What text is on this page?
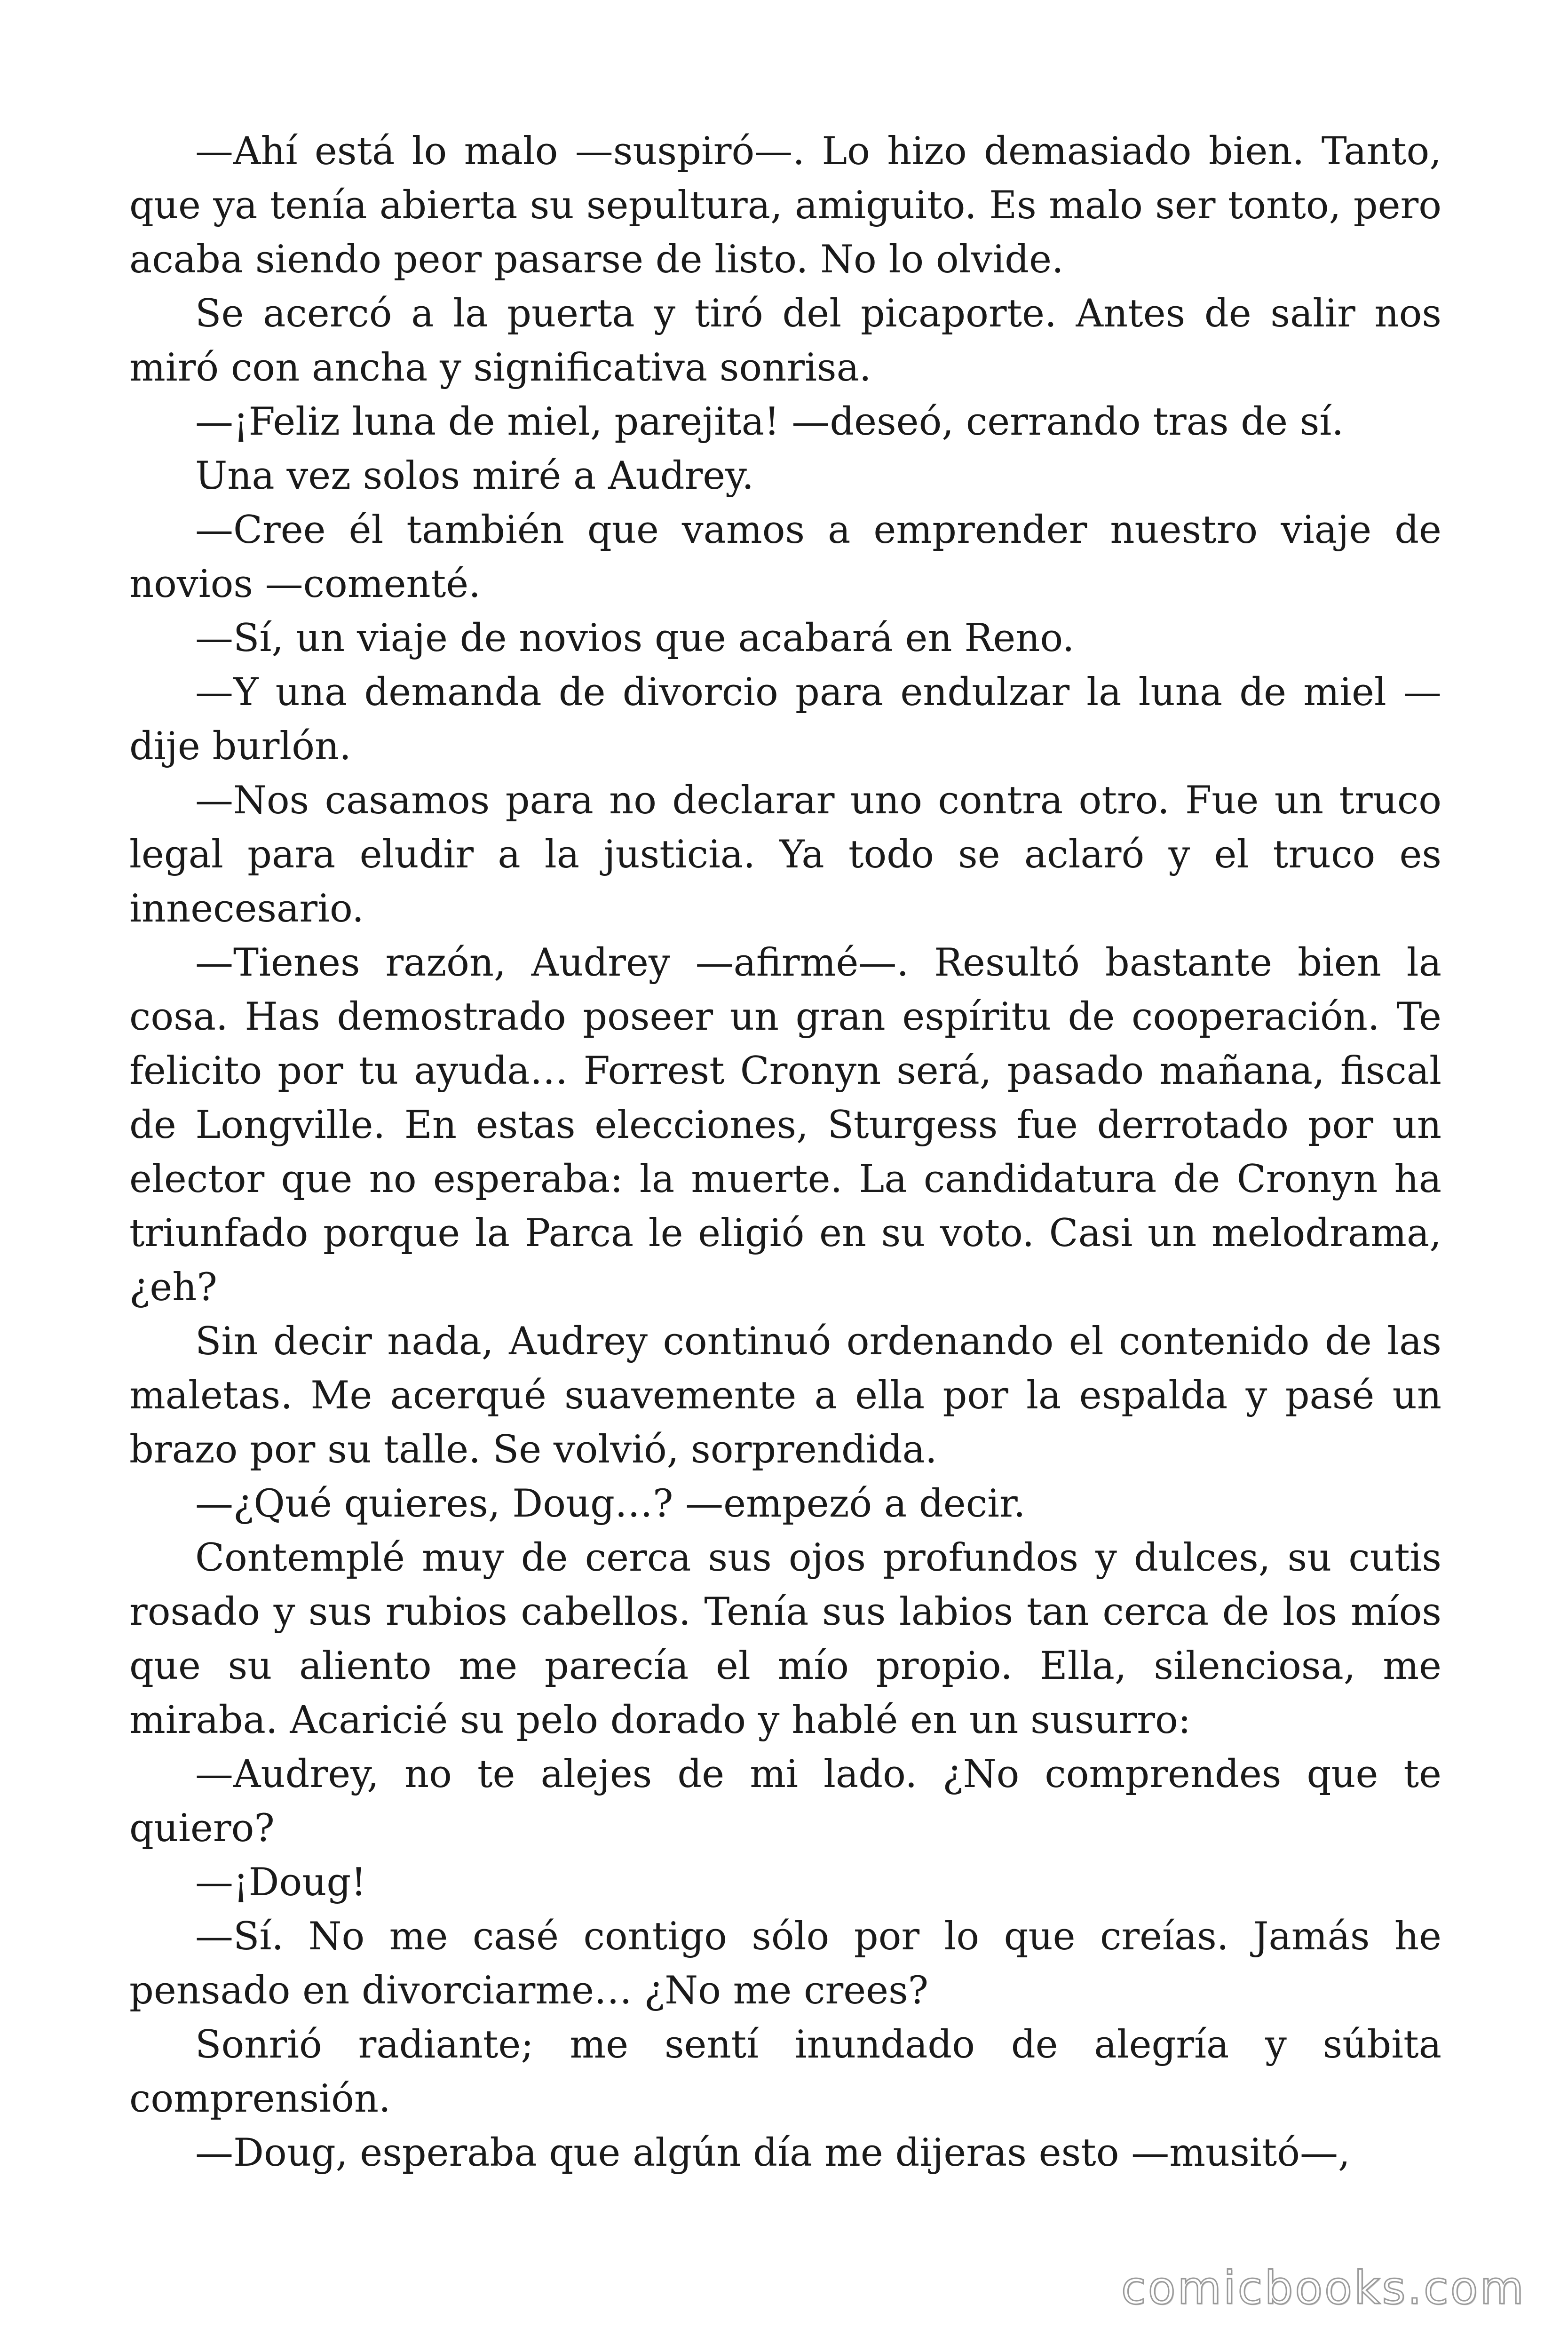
—Ahí está lo malo —suspiró—. Lo hizo demasiado bien. Tanto, que ya tenía abierta su sepultura, amiguito. Es malo ser tonto, pero acaba siendo peor pasarse de listo. No lo olvide.

Se acercó a la puerta y tiró del picaporte. Antes de salir nos miró con ancha y significativa sonrisa.

—¡Feliz luna de miel, parejita! —deseó, cerrando tras de sí.

Una vez solos miré a Audrey.

—Cree él también que vamos a emprender nuestro viaje de novios —comenté.

—Sí, un viaje de novios que acabará en Reno.

—Y una demanda de divorcio para endulzar la luna de miel —dije burlón.

—Nos casamos para no declarar uno contra otro. Fue un truco legal para eludir a la justicia. Ya todo se aclaró y el truco es innecesario.

—Tienes razón, Audrey —afirmé—. Resultó bastante bien la cosa. Has demostrado poseer un gran espíritu de cooperación. Te felicito por tu ayuda… Forrest Cronyn será, pasado mañana, fiscal de Longville. En estas elecciones, Sturgess fue derrotado por un elector que no esperaba: la muerte. La candidatura de Cronyn ha triunfado porque la Parca le eligió en su voto. Casi un melodrama, ¿eh?

Sin decir nada, Audrey continuó ordenando el contenido de las maletas. Me acerqué suavemente a ella por la espalda y pasé un brazo por su talle. Se volvió, sorprendida.

—¿Qué quieres, Doug…? —empezó a decir.

Contemplé muy de cerca sus ojos profundos y dulces, su cutis rosado y sus rubios cabellos. Tenía sus labios tan cerca de los míos que su aliento me parecía el mío propio. Ella, silenciosa, me miraba. Acaricié su pelo dorado y hablé en un susurro:

—Audrey, no te alejes de mi lado. ¿No comprendes que te quiero?

—¡Doug!

—Sí. No me casé contigo sólo por lo que creías. Jamás he pensado en divorciarme… ¿No me crees?

Sonrió radiante; me sentí inundado de alegría y súbita comprensión.

—Doug, esperaba que algún día me dijeras esto —musitó—,

comicbooks.com
